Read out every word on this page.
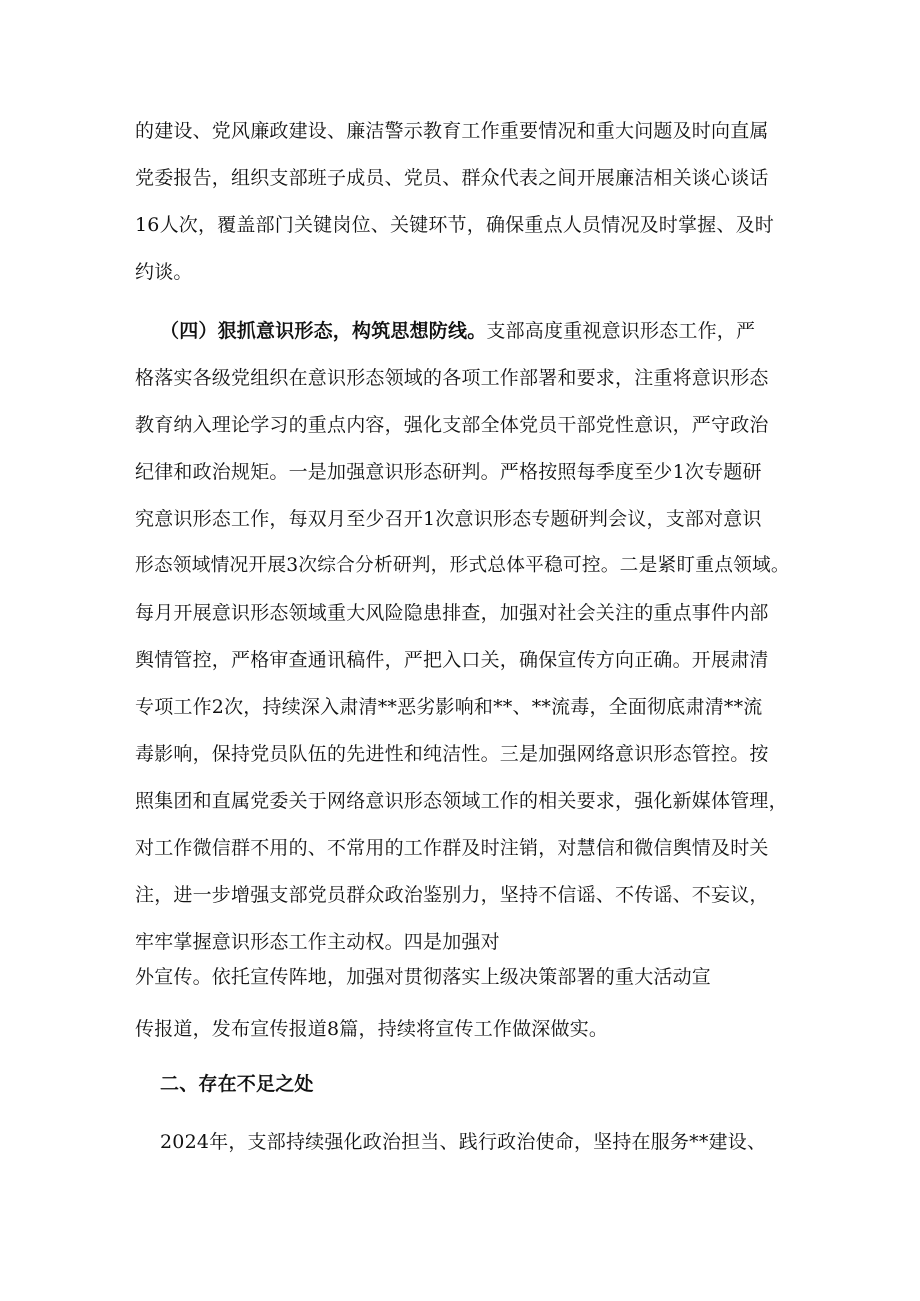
的建设、党风廉政建设、廉洁警示教育工作重要情况和重大问题及时向直属
党委报告，组织支部班子成员、党员、群众代表之间开展廉洁相关谈心谈话
16人次，覆盖部门关键岗位、关键环节，确保重点人员情况及时掌握、及时
约谈。
（四）狠抓意识形态，构筑思想防线。支部高度重视意识形态工作，严
格落实各级党组织在意识形态领域的各项工作部署和要求，注重将意识形态
教育纳入理论学习的重点内容，强化支部全体党员干部党性意识，严守政治
纪律和政治规矩。一是加强意识形态研判。严格按照每季度至少1次专题研
究意识形态工作，每双月至少召开1次意识形态专题研判会议，支部对意识
形态领域情况开展3次综合分析研判，形式总体平稳可控。二是紧盯重点领域。
每月开展意识形态领域重大风险隐患排查，加强对社会关注的重点事件内部
舆情管控，严格审查通讯稿件，严把入口关，确保宣传方向正确。开展肃清
专项工作2次，持续深入肃清**恶劣影响和**、**流毒，全面彻底肃清**流
毒影响，保持党员队伍的先进性和纯洁性。三是加强网络意识形态管控。按
照集团和直属党委关于网络意识形态领域工作的相关要求，强化新媒体管理，
对工作微信群不用的、不常用的工作群及时注销，对慧信和微信舆情及时关
注，进一步增强支部党员群众政治鉴别力，坚持不信谣、不传谣、不妄议，
牢牢掌握意识形态工作主动权。四是加强对
外宣传。依托宣传阵地，加强对贯彻落实上级决策部署的重大活动宣
传报道，发布宣传报道8篇，持续将宣传工作做深做实。
二、存在不足之处
2024年，支部持续强化政治担当、践行政治使命，坚持在服务**建设、
